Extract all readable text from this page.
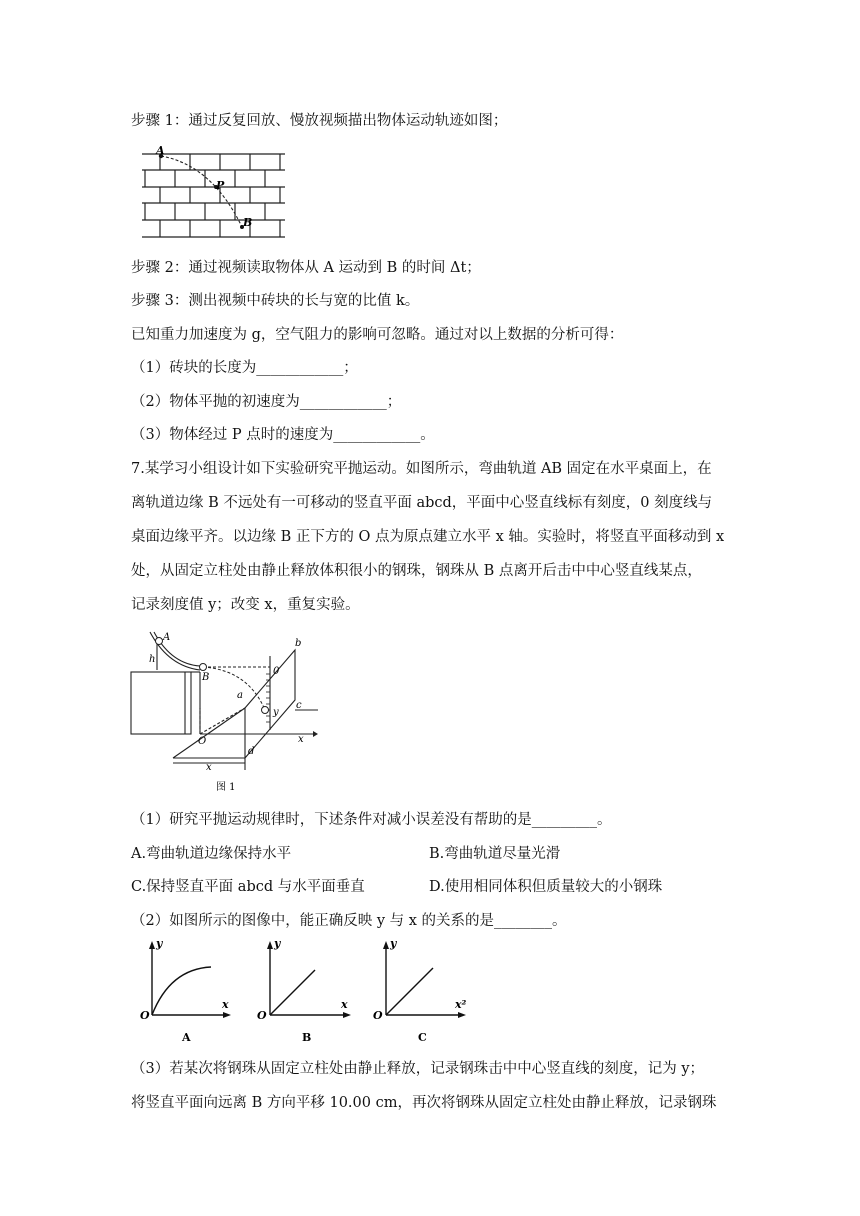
步骤 1：通过反复回放、慢放视频描出物体运动轨迹如图；
A
P
B
步骤 2：通过视频读取物体从 A 运动到 B 的时间 Δt；
步骤 3：测出视频中砖块的长与宽的比值 k。
已知重力加速度为 g，空气阻力的影响可忽略。通过对以上数据的分析可得：
（1）砖块的长度为____________；
（2）物体平抛的初速度为____________；
（3）物体经过 P 点时的速度为____________。
7.某学习小组设计如下实验研究平抛运动。如图所示，弯曲轨道 AB 固定在水平桌面上，在
离轨道边缘 B 不远处有一可移动的竖直平面 abcd，平面中心竖直线标有刻度，0 刻度线与
桌面边缘平齐。以边缘 B 正下方的 O 点为原点建立水平 x 轴。实验时，将竖直平面移动到 x
处，从固定立柱处由静止释放体积很小的钢珠，钢珠从 B 点离开后击中中心竖直线某点，
记录刻度值 y；改变 x，重复实验。
A
h
B
O
a
b
c
d
0
y
x
x
图 1
（1）研究平抛运动规律时，下述条件对减小误差没有帮助的是_________。
A.弯曲轨道边缘保持水平	B.弯曲轨道尽量光滑
C.保持竖直平面 abcd 与水平面垂直	D.使用相同体积但质量较大的小钢珠
（2）如图所示的图像中，能正确反映 y 与 x 的关系的是________。
y
x
O
y
x
O
y
x²
O
A	B	C
（3）若某次将钢珠从固定立柱处由静止释放，记录钢珠击中中心竖直线的刻度，记为 y；
将竖直平面向远离 B 方向平移 10.00 cm，再次将钢珠从固定立柱处由静止释放，记录钢珠
